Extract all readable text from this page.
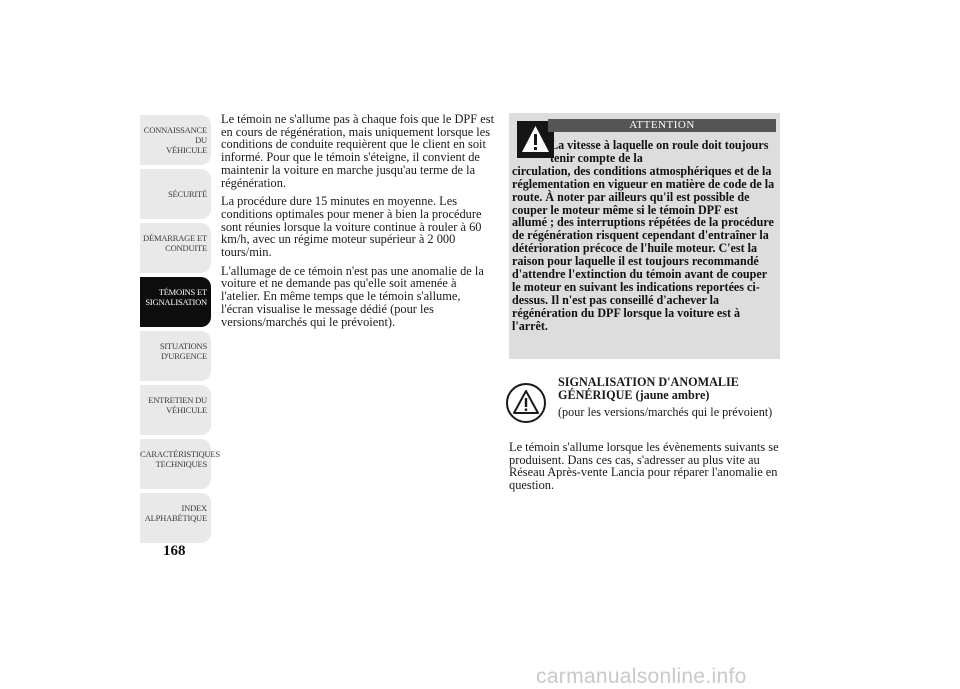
CONNAISSANCE DU
VÉHICULE
SÉCURITÉ
DÉMARRAGE ET
CONDUITE
TÉMOINS ET
SIGNALISATION
SITUATIONS
D'URGENCE
ENTRETIEN DU
VÉHICULE
CARACTÉRISTIQUES
TECHNIQUES
INDEX
ALPHABÉTIQUE
168

Le témoin ne s'allume pas à chaque fois que le DPF est en cours de régénération, mais uniquement lorsque les conditions de conduite requièrent que le client en soit informé. Pour que le témoin s'éteigne, il convient de maintenir la voiture en marche jusqu'au terme de la régénération.

La procédure dure 15 minutes en moyenne. Les conditions optimales pour mener à bien la procédure sont réunies lorsque la voiture continue à rouler à 60 km/h, avec un régime moteur supérieur à 2 000 tours/min.

L'allumage de ce témoin n'est pas une anomalie de la voiture et ne demande pas qu'elle soit amenée à l'atelier. En même temps que le témoin s'allume, l'écran visualise le message dédié (pour les versions/marchés qui le prévoient).

ATTENTION
La vitesse à laquelle on roule doit toujours tenir compte de la
circulation, des conditions atmosphériques et de la réglementation en vigueur en matière de code de la route. À noter par ailleurs qu'il est possible de couper le moteur même si le témoin DPF est allumé ; des interruptions répétées de la procédure de régénération risquent cependant d'entraîner la détérioration précoce de l'huile moteur. C'est la raison pour laquelle il est toujours recommandé d'attendre l'extinction du témoin avant de couper le moteur en suivant les indications reportées ci-dessus. Il n'est pas conseillé d'achever la régénération du DPF lorsque la voiture est à l'arrêt.
SIGNALISATION D'ANOMALIE GÉNÉRIQUE (jaune ambre)
(pour les versions/marchés qui le prévoient)
Le témoin s'allume lorsque les évènements suivants se produisent. Dans ces cas, s'adresser au plus vite au Réseau Après-vente Lancia pour réparer l'anomalie en question.
carmanualsonline.info
